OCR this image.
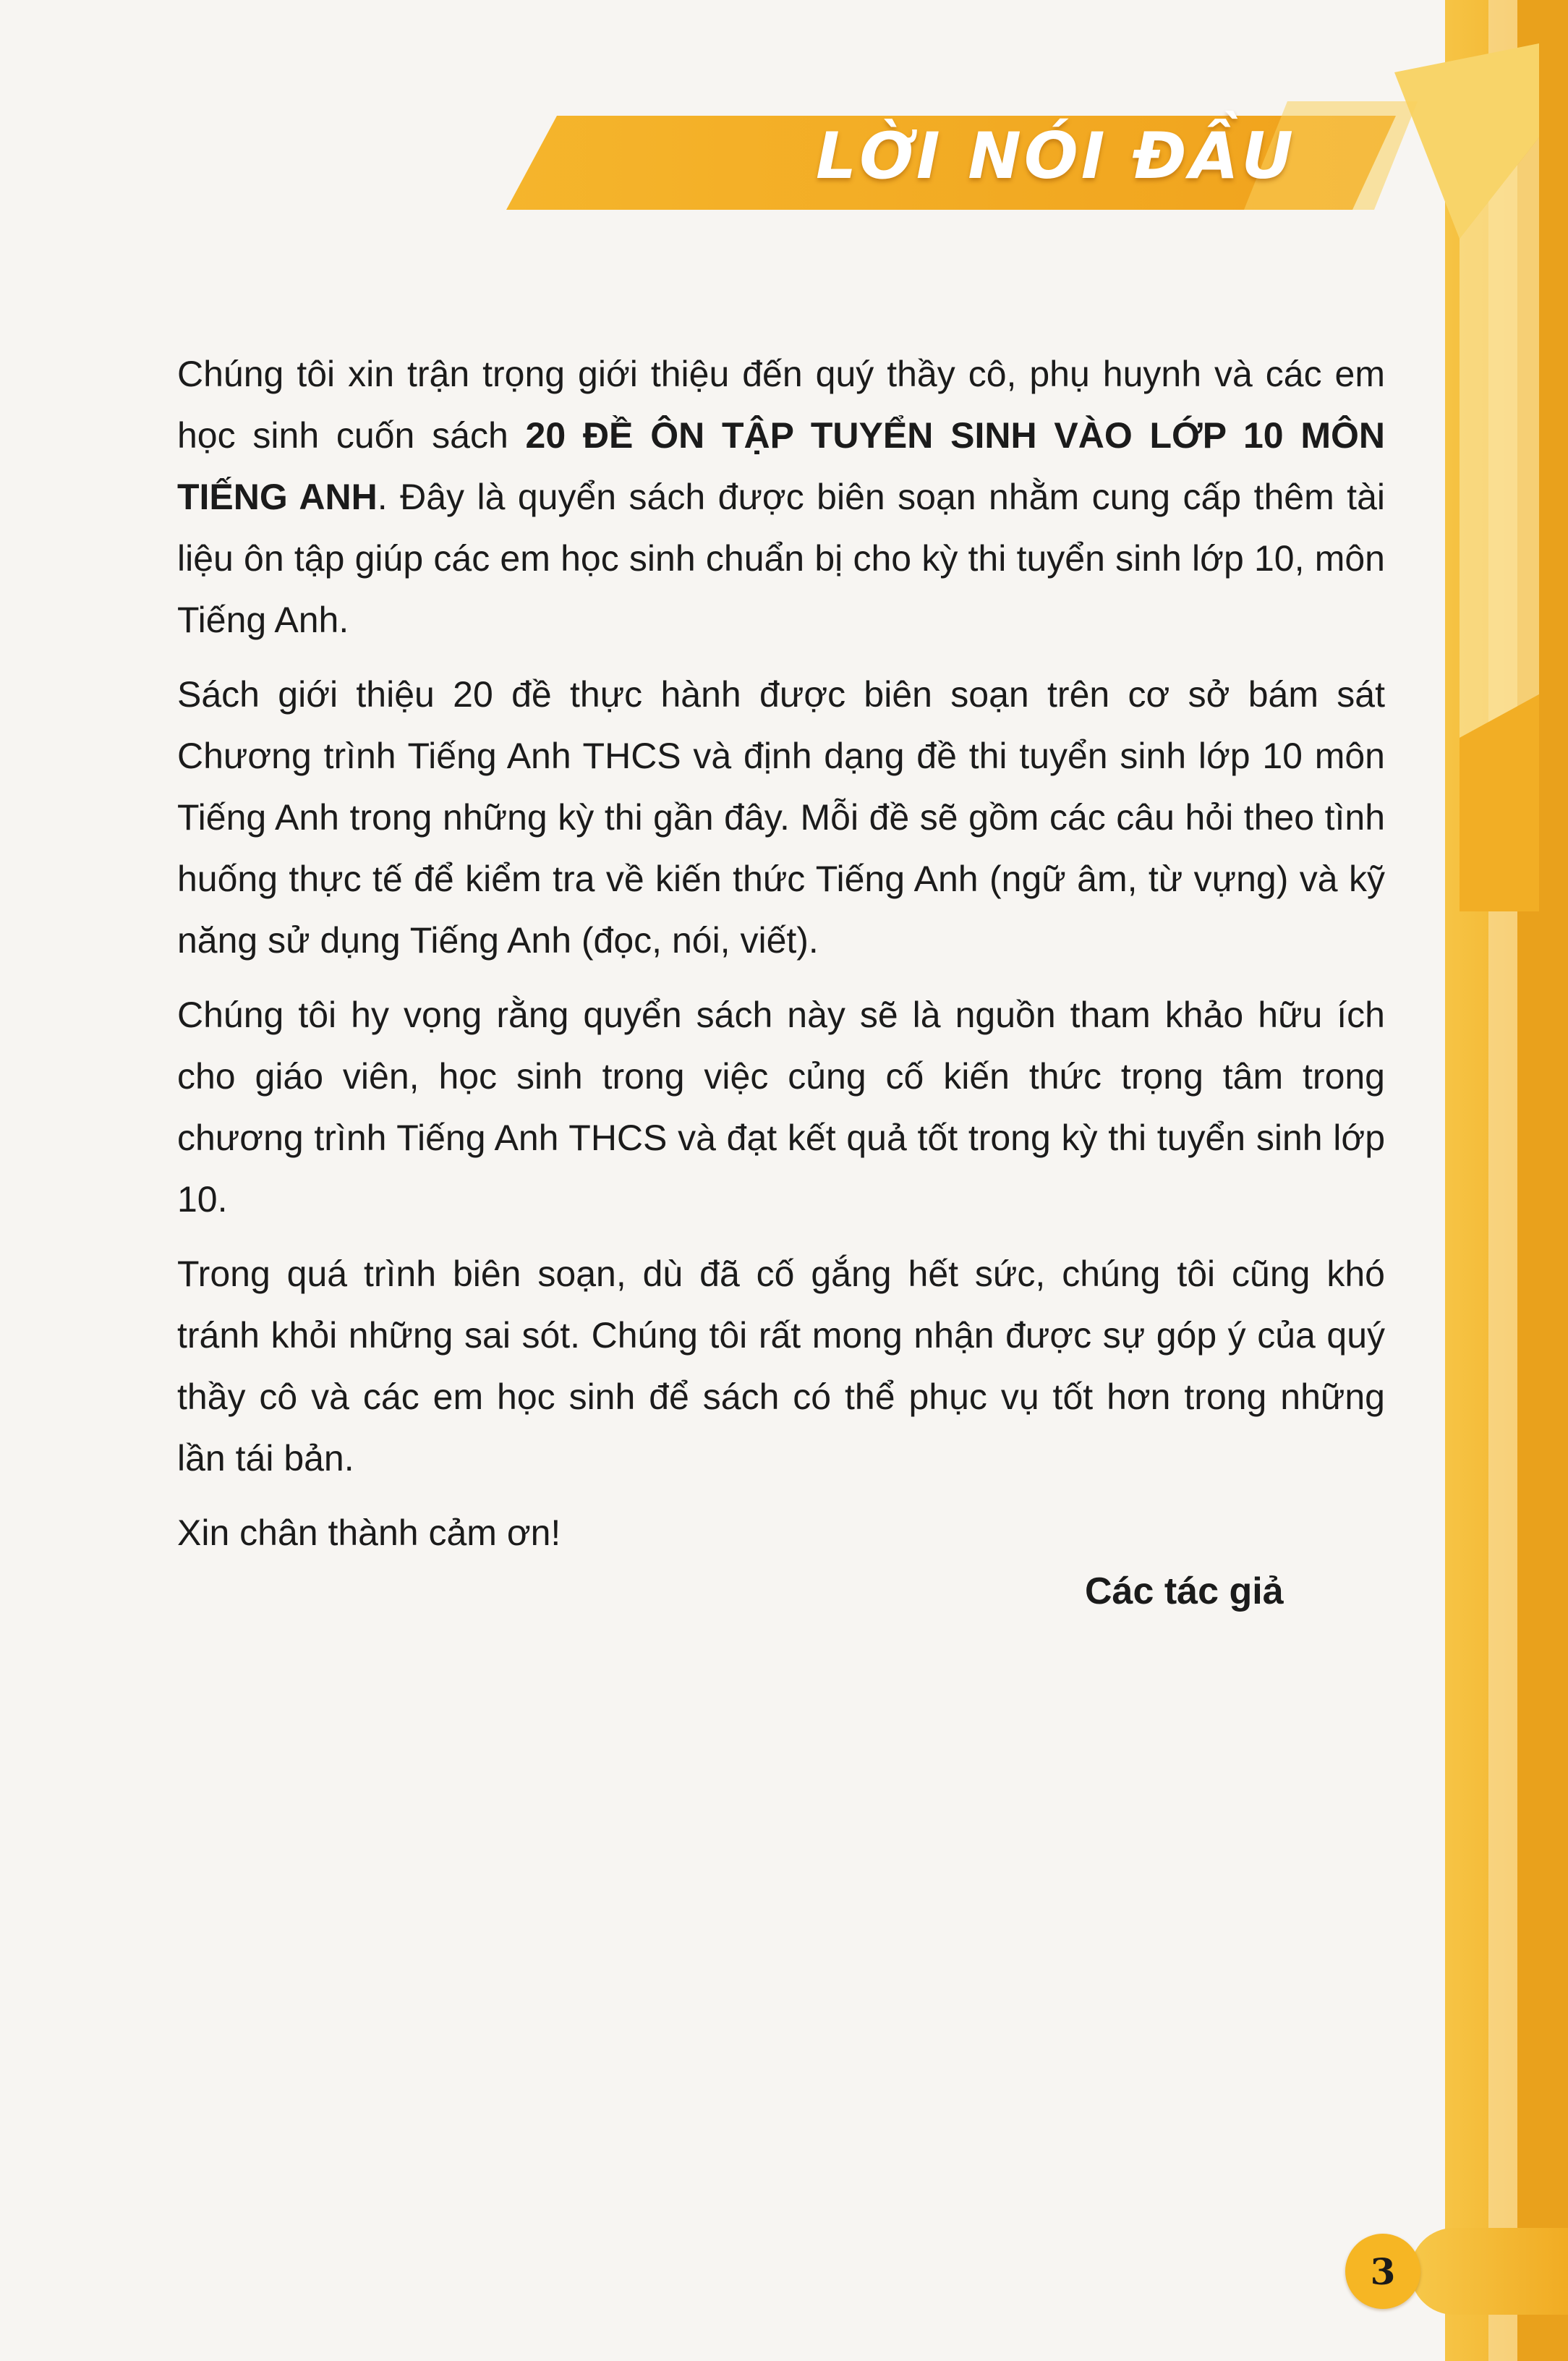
LỜI NÓI ĐẦU

Chúng tôi xin trận trọng giới thiệu đến quý thầy cô, phụ huynh và các em học sinh cuốn sách 20 ĐỀ ÔN TẬP TUYỂN SINH VÀO LỚP 10 MÔN TIẾNG ANH. Đây là quyển sách được biên soạn nhằm cung cấp thêm tài liệu ôn tập giúp các em học sinh chuẩn bị cho kỳ thi tuyển sinh lớp 10, môn Tiếng Anh.

Sách giới thiệu 20 đề thực hành được biên soạn trên cơ sở bám sát Chương trình Tiếng Anh THCS và định dạng đề thi tuyển sinh lớp 10 môn Tiếng Anh trong những kỳ thi gần đây. Mỗi đề sẽ gồm các câu hỏi theo tình huống thực tế để kiểm tra về kiến thức Tiếng Anh (ngữ âm, từ vựng) và kỹ năng sử dụng Tiếng Anh (đọc, nói, viết).

Chúng tôi hy vọng rằng quyển sách này sẽ là nguồn tham khảo hữu ích cho giáo viên, học sinh trong việc củng cố kiến thức trọng tâm trong chương trình Tiếng Anh THCS và đạt kết quả tốt trong kỳ thi tuyển sinh lớp 10.

Trong quá trình biên soạn, dù đã cố gắng hết sức, chúng tôi cũng khó tránh khỏi những sai sót. Chúng tôi rất mong nhận được sự góp ý của quý thầy cô và các em học sinh để sách có thể phục vụ tốt hơn trong những lần tái bản.

Xin chân thành cảm ơn!

Các tác giả
3
